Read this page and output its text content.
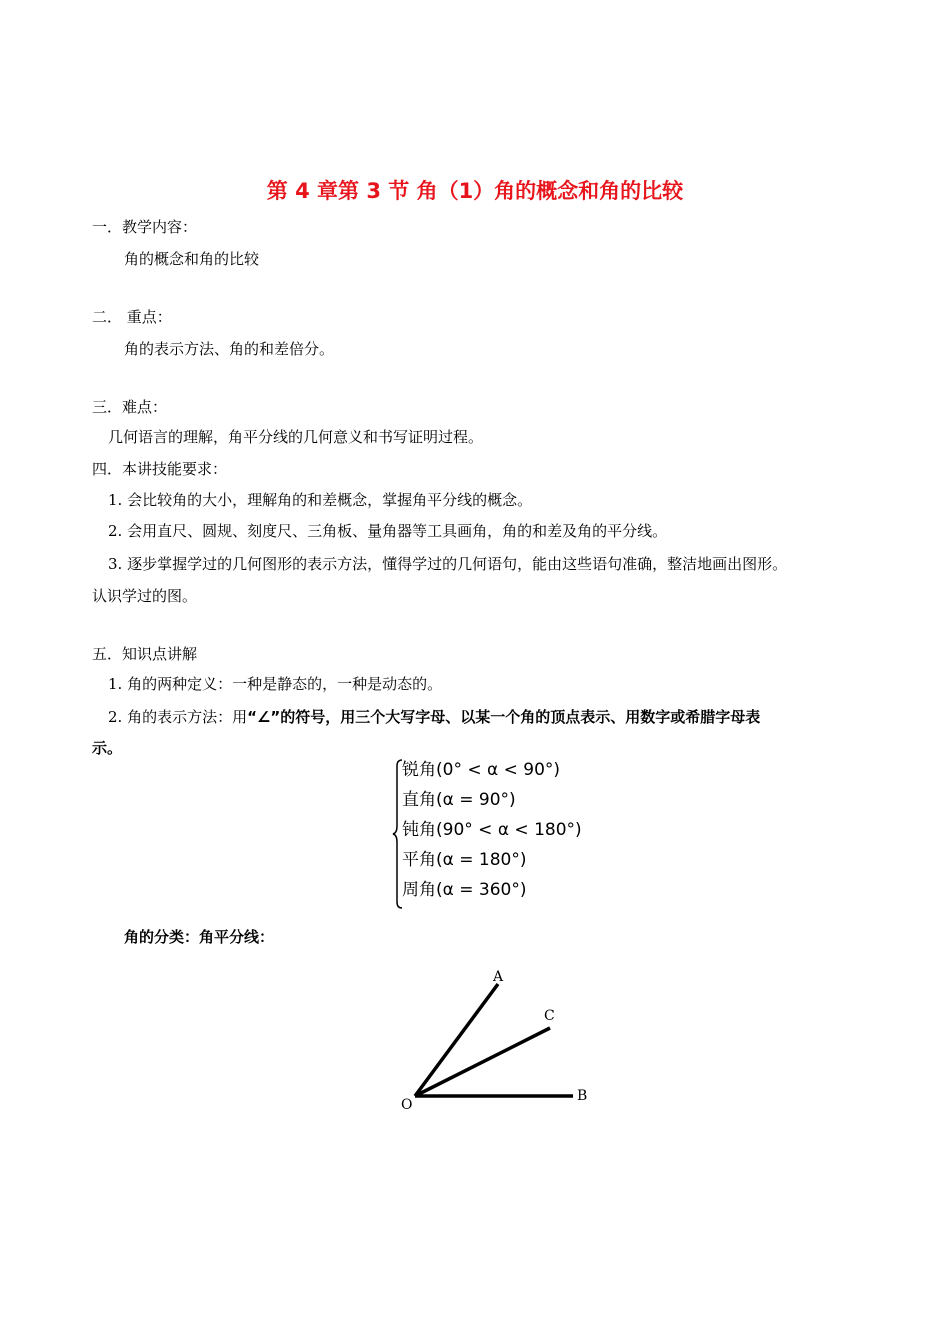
第 4 章第 3 节 角（1）角的概念和角的比较
一．教学内容：
角的概念和角的比较
二． 重点：
角的表示方法、角的和差倍分。
三．难点：
几何语言的理解，角平分线的几何意义和书写证明过程。
四．本讲技能要求：
1. 会比较角的大小，理解角的和差概念，掌握角平分线的概念。
2. 会用直尺、圆规、刻度尺、三角板、量角器等工具画角，角的和差及角的平分线。
3. 逐步掌握学过的几何图形的表示方法，懂得学过的几何语句，能由这些语句准确，整洁地画出图形。
认识学过的图。
五．知识点讲解
1. 角的两种定义：一种是静态的，一种是动态的。
2. 角的表示方法：用“∠”的符号，用三个大写字母、以某一个角的顶点表示、用数字或希腊字母表
示。
锐角(0° < α < 90°)
直角(α = 90°)
钝角(90° < α < 180°)
平角(α = 180°)
周角(α = 360°)
角的分类：角平分线：
A
C
O
B
